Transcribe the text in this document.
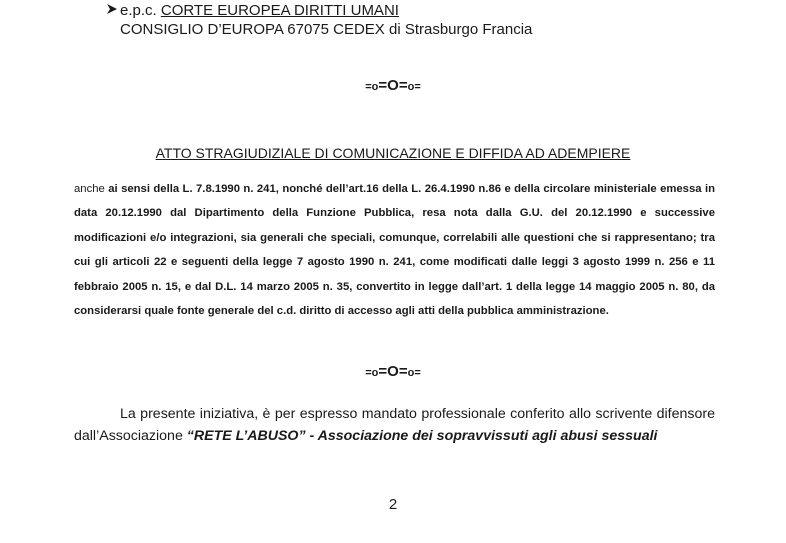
e.p.c. CORTE EUROPEA DIRITTI UMANI
CONSIGLIO D’EUROPA 67075 CEDEX di Strasburgo Francia
=o=O=o=
ATTO STRAGIUDIZIALE DI COMUNICAZIONE E DIFFIDA AD ADEMPIERE
anche ai sensi della L. 7.8.1990 n. 241, nonché dell’art.16 della L. 26.4.1990 n.86 e della circolare ministeriale emessa in data 20.12.1990 dal Dipartimento della Funzione Pubblica, resa nota dalla G.U. del 20.12.1990 e successive modificazioni e/o integrazioni, sia generali che speciali, comunque, correlabili alle questioni che si rappresentano; tra cui gli articoli 22 e seguenti della legge 7 agosto 1990 n. 241, come modificati dalle leggi 3 agosto 1999 n. 256 e 11 febbraio 2005 n. 15, e dal D.L. 14 marzo 2005 n. 35, convertito in legge dall’art. 1 della legge 14 maggio 2005 n. 80, da considerarsi quale fonte generale del c.d. diritto di accesso agli atti della pubblica amministrazione.
=o=O=o=
La presente iniziativa, è per espresso mandato professionale conferito allo scrivente difensore dall’Associazione “RETE L’ABUSO” - Associazione dei sopravvissuti agli abusi sessuali
2
